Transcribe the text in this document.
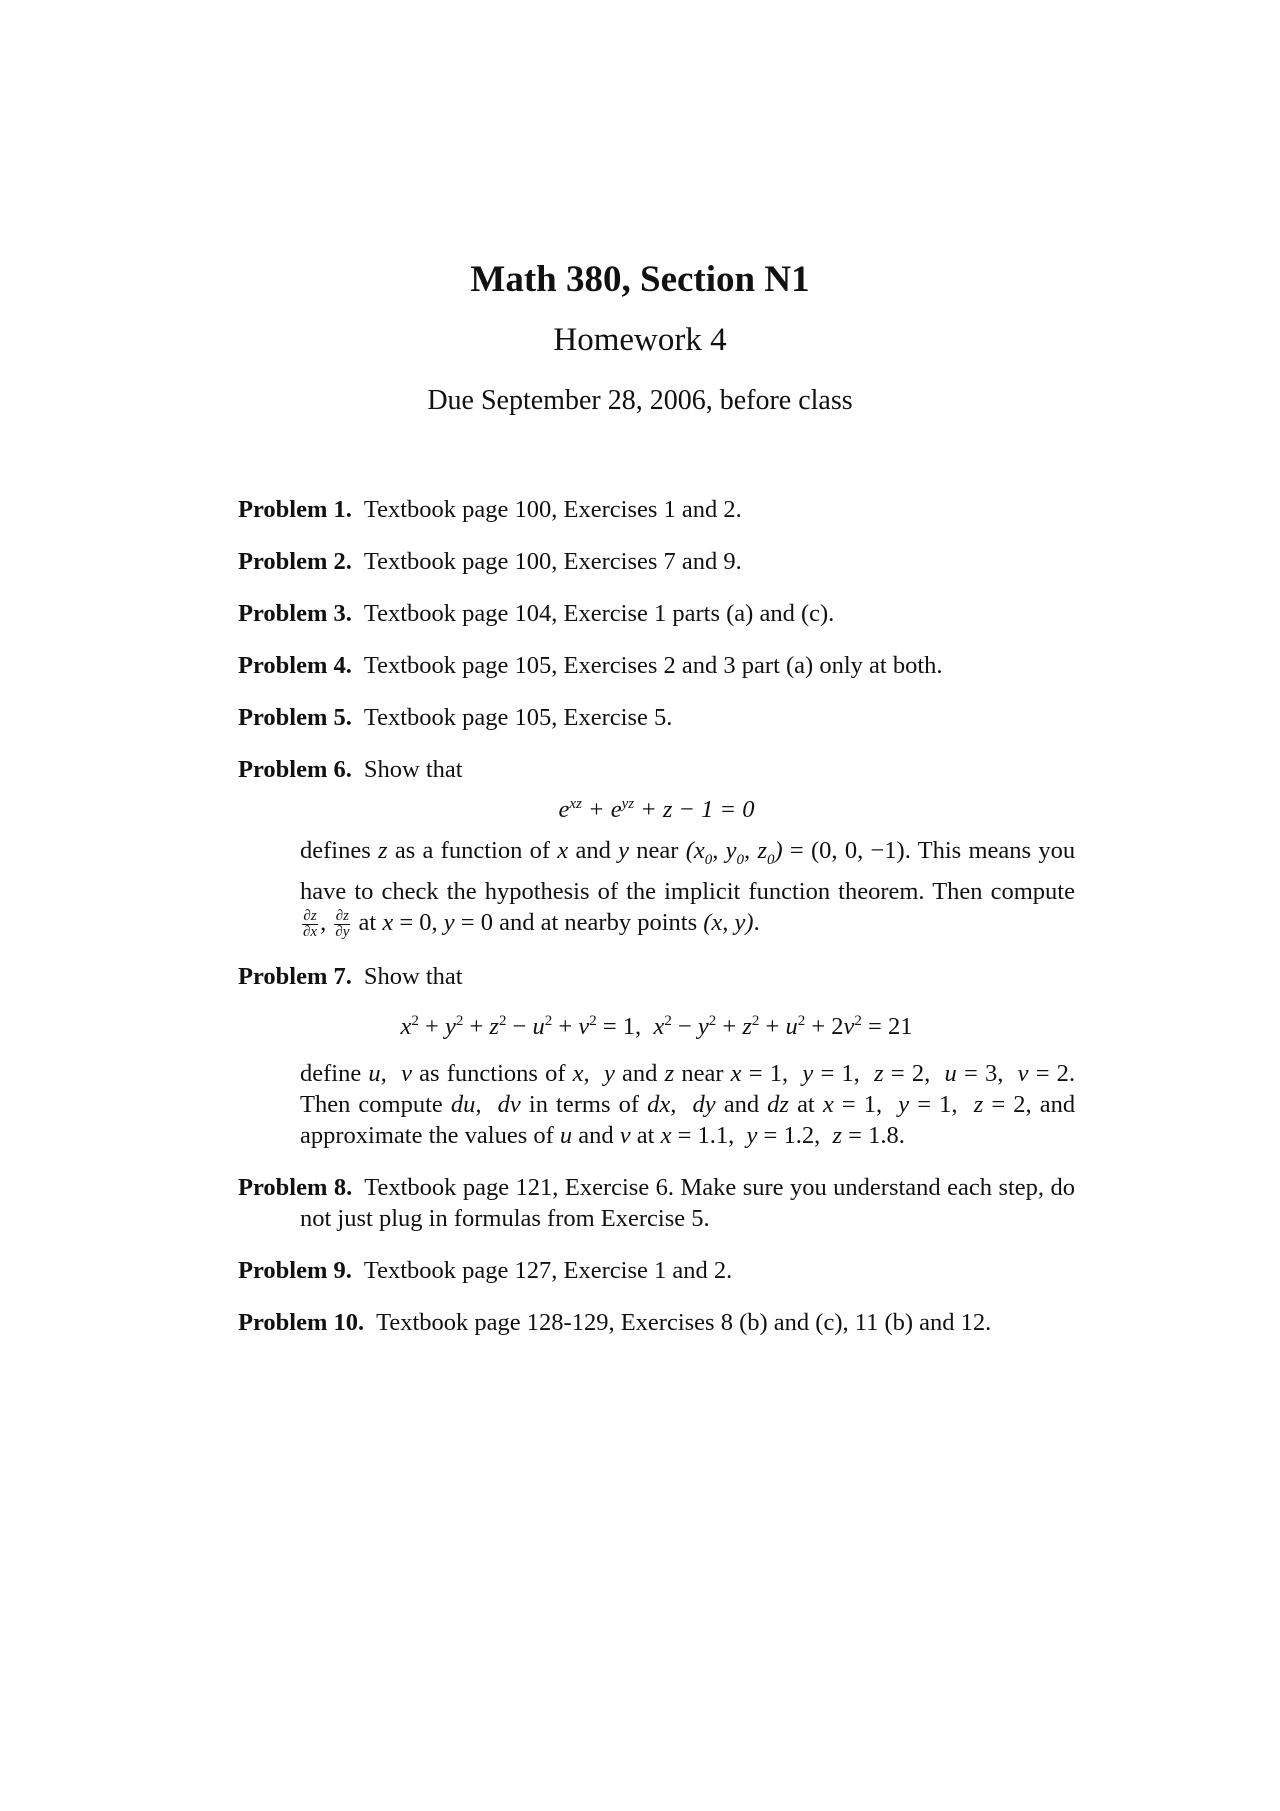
Math 380, Section N1
Homework 4
Due September 28, 2006, before class

Problem 1. Textbook page 100, Exercises 1 and 2.

Problem 2. Textbook page 100, Exercises 7 and 9.

Problem 3. Textbook page 104, Exercise 1 parts (a) and (c).

Problem 4. Textbook page 105, Exercises 2 and 3 part (a) only at both.

Problem 5. Textbook page 105, Exercise 5.

Problem 6. Show that

$e^{xz} + e^{yz} + z - 1 = 0$

defines z as a function of x and y near ($x_0$, $y_0$, $z_0) = (0$, 0, −1). This means you have to check the hypothesis of the implicit function theorem. Then compute
$\frac{\partial z}{\partial x}$ , $\frac{\partial z}{\partial y}$ at x = 0, y = 0 and at nearby points (x, y).

Problem 7. Show that

$x^2 + y^2 + z^2 - u^2 + v^2 = 1$,  $x^2 - y^2 + z^2 + u^2 + 2v^2 = 21$

define u,  v as functions of x,  y and z near x = 1,  y = 1,  z = 2,  u = 3,  v = 2. Then compute du,  dv in terms of dx,  dy and dz at x = 1,  y = 1,  z = 2, and approximate the values of u and v at x = 1.1,  y = 1.2,  z = 1.8.

Problem 8. Textbook page 121, Exercise 6. Make sure you understand each step, do not just plug in formulas from Exercise 5.

Problem 9. Textbook page 127, Exercise 1 and 2.

Problem 10. Textbook page 128-129, Exercises 8 (b) and (c), 11 (b) and 12.
